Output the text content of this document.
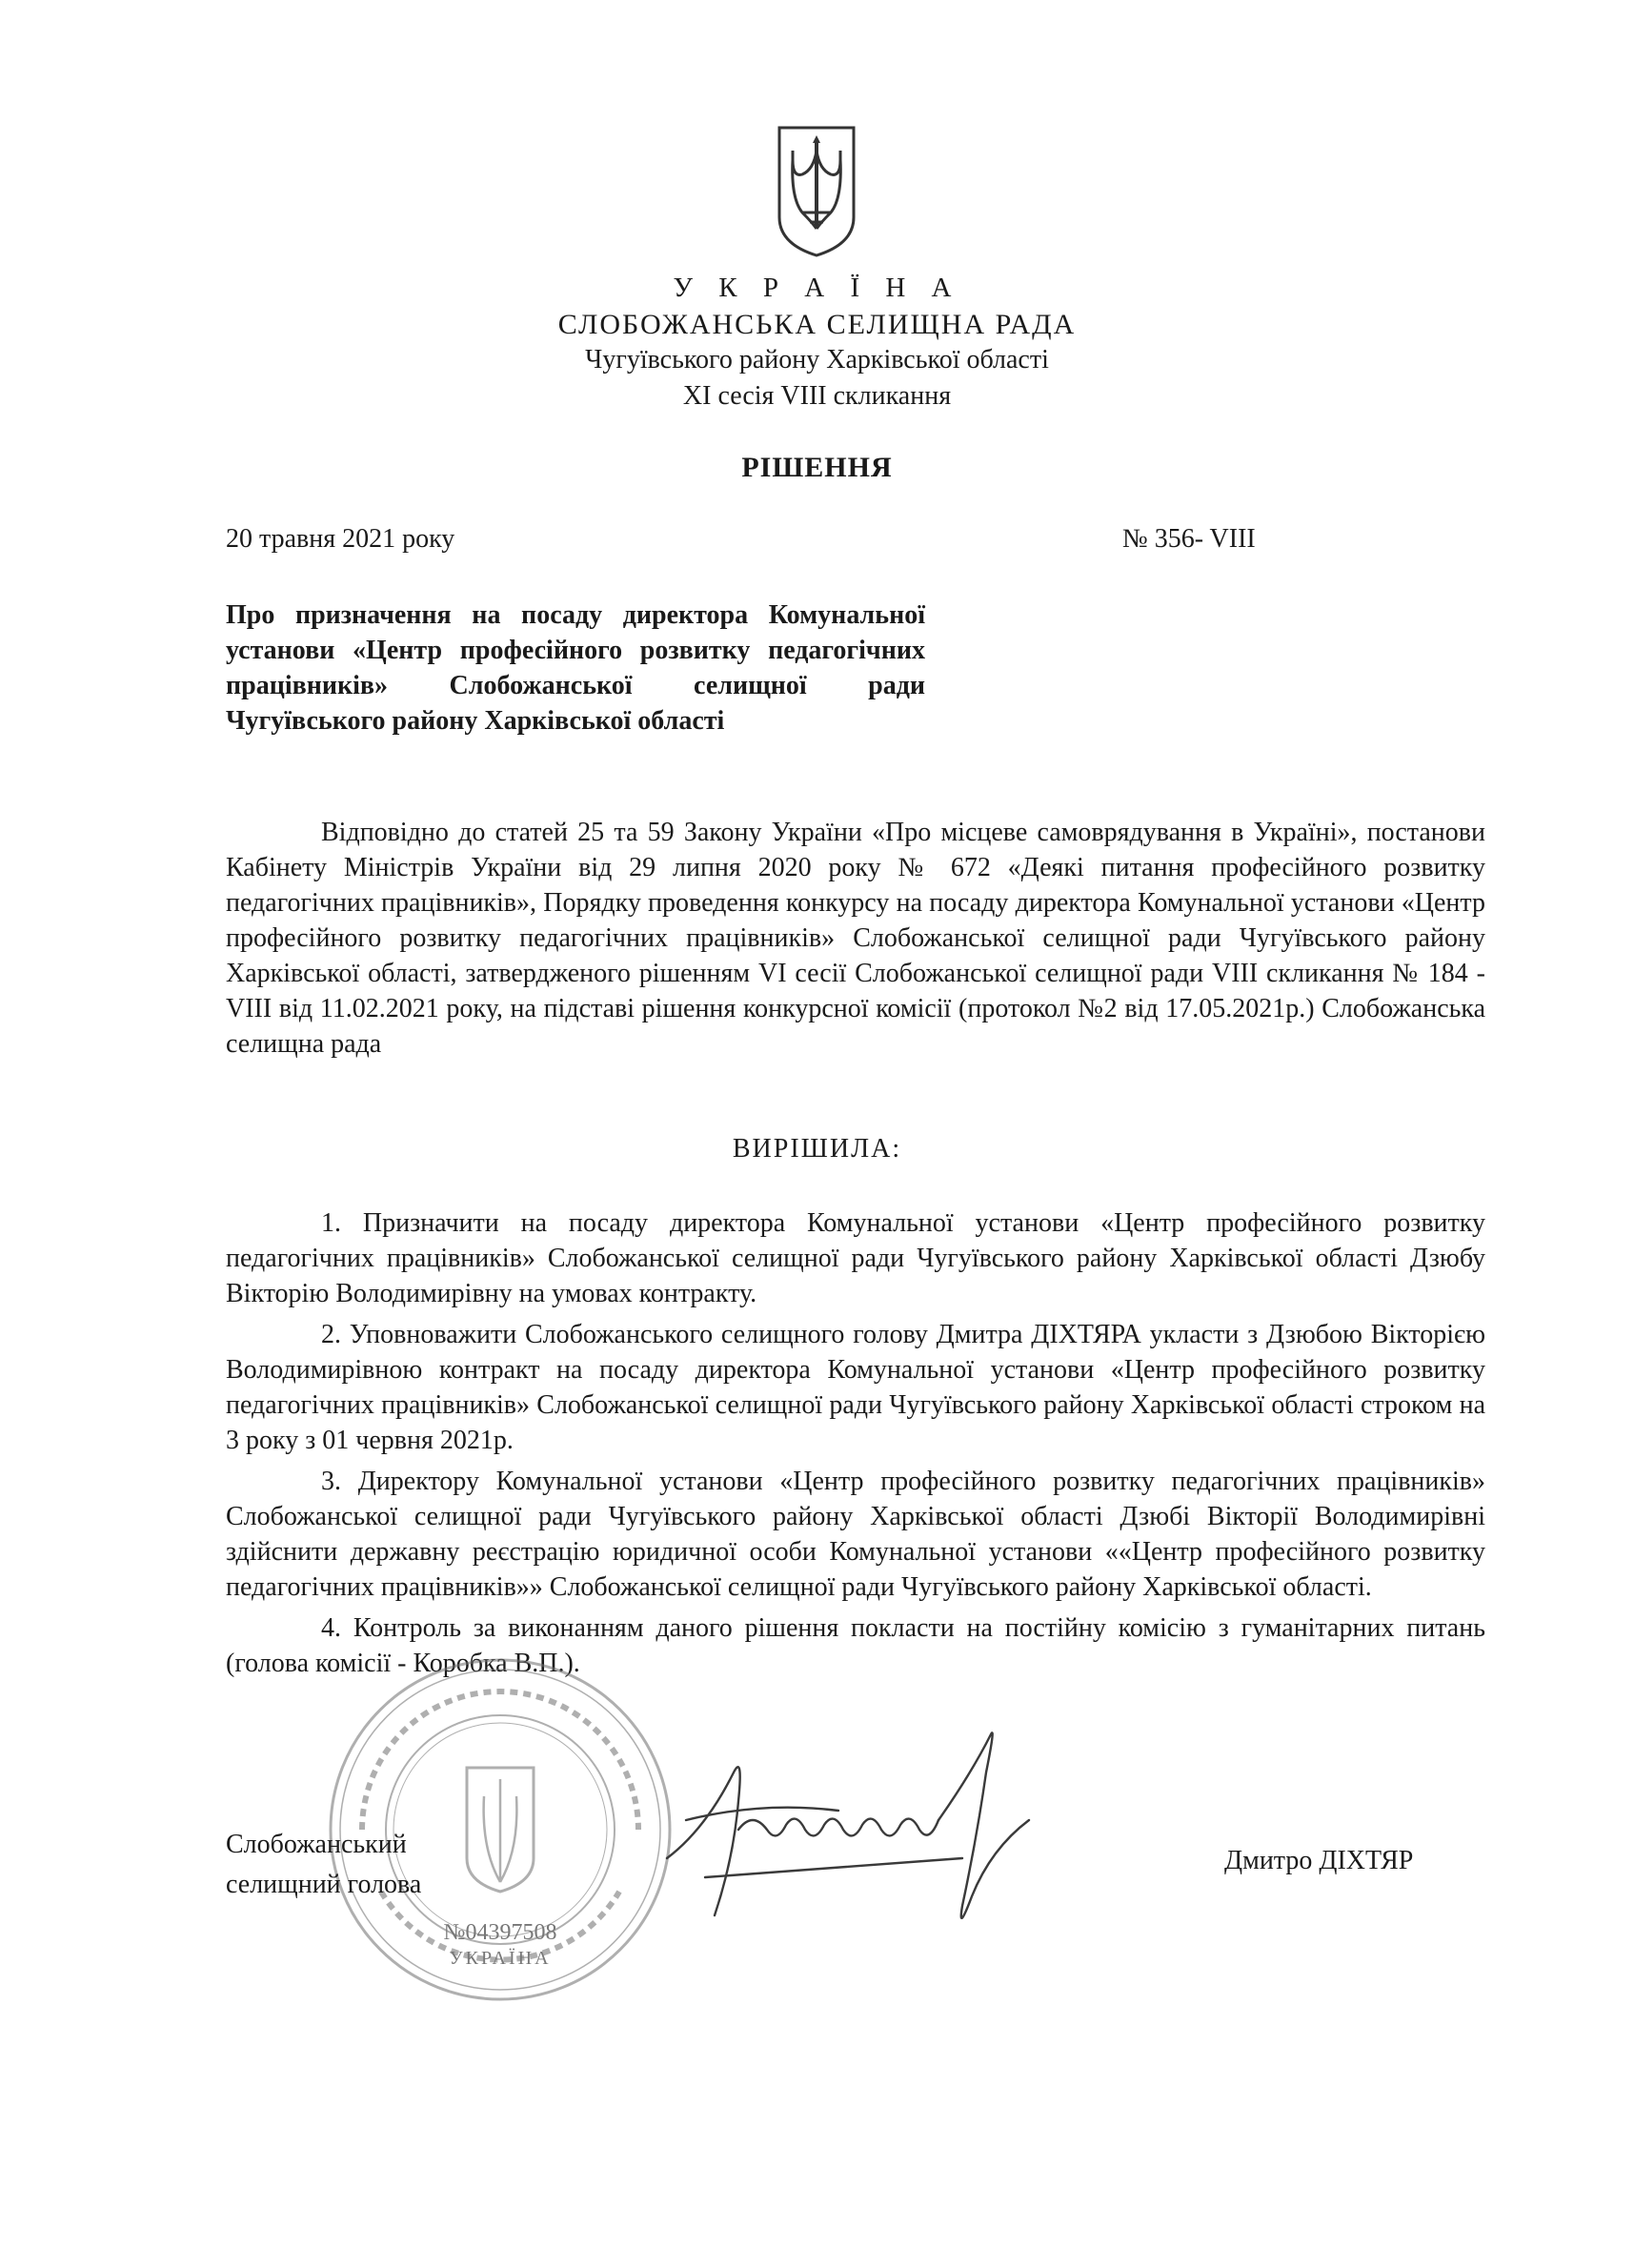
У К Р А Ї Н А
СЛОБОЖАНСЬКА СЕЛИЩНА РАДА
Чугуївського району Харківської області
ХІ сесія VІІІ скликання
РІШЕННЯ
20 травня 2021 року	№ 356- VІІІ
Про призначення на посаду директора Комунальної установи «Центр професійного розвитку педагогічних працівників» Слобожанської селищної ради Чугуївського району Харківської області

Відповідно до статей 25 та 59 Закону України «Про місцеве самоврядування в Україні», постанови Кабінету Міністрів України від 29 липня 2020 року № 672 «Деякі питання професійного розвитку педагогічних працівників», Порядку проведення конкурсу на посаду директора Комунальної установи «Центр професійного розвитку педагогічних працівників» Слобожанської селищної ради Чугуївського району Харківської області, затвердженого рішенням VІ сесії Слобожанської селищної ради VІІІ скликання № 184 -VІІІ від 11.02.2021 року, на підставі рішення конкурсної комісії (протокол №2 від 17.05.2021р.) Слобожанська селищна рада

ВИРІШИЛА:

1. Призначити на посаду директора Комунальної установи «Центр професійного розвитку педагогічних працівників» Слобожанської селищної ради Чугуївського району Харківської області Дзюбу Вікторію Володимирівну на умовах контракту.

2. Уповноважити Слобожанського селищного голову Дмитра ДІХТЯРА укласти з Дзюбою Вікторією Володимирівною контракт на посаду директора Комунальної установи «Центр професійного розвитку педагогічних працівників» Слобожанської селищної ради Чугуївського району Харківської області строком на 3 року з 01 червня 2021р.

3. Директору Комунальної установи «Центр професійного розвитку педагогічних працівників» Слобожанської селищної ради Чугуївського району Харківської області Дзюбі Вікторії Володимирівні здійснити державну реєстрацію юридичної особи Комунальної установи ««Центр професійного розвитку педагогічних працівників»» Слобожанської селищної ради Чугуївського району Харківської області.

4. Контроль за виконанням даного рішення покласти на постійну комісію з гуманітарних питань (голова комісії - Коробка В.П.).

№04397508
УКРАЇНА
Слобожанський
селищний голова
Дмитро ДІХТЯР
